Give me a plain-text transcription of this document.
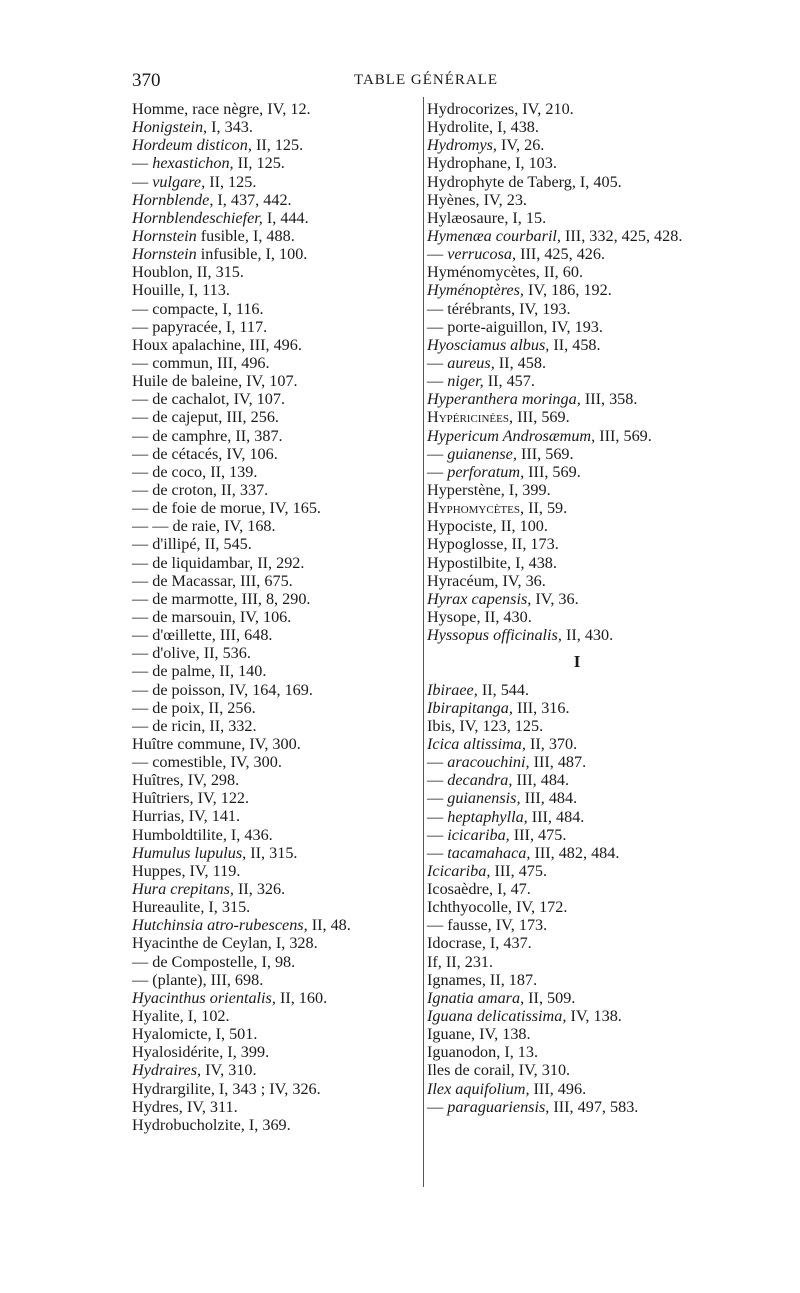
370	TABLE GÉNÉRALE
Homme, race nègre, IV, 12.
Honigstein, I, 343.
Hordeum disticon, II, 125.
— hexastichon, II, 125.
— vulgare, II, 125.
Hornblende, I, 437, 442.
Hornblendeschiefer, I, 444.
Hornstein fusible, I, 488.
Hornstein infusible, I, 100.
Houblon, II, 315.
Houille, I, 113.
— compacte, I, 116.
— papyracée, I, 117.
Houx apalachine, III, 496.
— commun, III, 496.
Huile de baleine, IV, 107.
— de cachalot, IV, 107.
— de cajeput, III, 256.
— de camphre, II, 387.
— de cétacés, IV, 106.
— de coco, II, 139.
— de croton, II, 337.
— de foie de morue, IV, 165.
— — de raie, IV, 168.
— d'illipé, II, 545.
— de liquidambar, II, 292.
— de Macassar, III, 675.
— de marmotte, III, 8, 290.
— de marsouin, IV, 106.
— d'œillette, III, 648.
— d'olive, II, 536.
— de palme, II, 140.
— de poisson, IV, 164, 169.
— de poix, II, 256.
— de ricin, II, 332.
Huître commune, IV, 300.
— comestible, IV, 300.
Huîtres, IV, 298.
Huîtriers, IV, 122.
Hurrias, IV, 141.
Humboldtilite, I, 436.
Humulus lupulus, II, 315.
Huppes, IV, 119.
Hura crepitans, II, 326.
Hureaulite, I, 315.
Hutchinsia atro-rubescens, II, 48.
Hyacinthe de Ceylan, I, 328.
— de Compostelle, I, 98.
— (plante), III, 698.
Hyacinthus orientalis, II, 160.
Hyalite, I, 102.
Hyalomicte, I, 501.
Hyalosidérite, I, 399.
Hydraires, IV, 310.
Hydrargilite, I, 343 ; IV, 326.
Hydres, IV, 311.
Hydrobucholzite, I, 369.
Hydrocorizes, IV, 210.
Hydrolite, I, 438.
Hydromys, IV, 26.
Hydrophane, I, 103.
Hydrophyte de Taberg, I, 405.
Hyènes, IV, 23.
Hylæosaure, I, 15.
Hymenæa courbaril, III, 332, 425, 428.
— verrucosa, III, 425, 426.
Hyménomycètes, II, 60.
Hyménoptères, IV, 186, 192.
— térébrants, IV, 193.
— porte-aiguillon, IV, 193.
Hyosciamus albus, II, 458.
— aureus, II, 458.
— niger, II, 457.
Hyperanthera moringa, III, 358.
Hypéricinées, III, 569.
Hypericum Androsæmum, III, 569.
— guianense, III, 569.
— perforatum, III, 569.
Hyperstène, I, 399.
Hyphomycètes, II, 59.
Hypociste, II, 100.
Hypoglosse, II, 173.
Hypostilbite, I, 438.
Hyracéum, IV, 36.
Hyrax capensis, IV, 36.
Hysope, II, 430.
Hyssopus officinalis, II, 430.
I
Ibiraee, II, 544.
Ibirapitanga, III, 316.
Ibis, IV, 123, 125.
Icica altissima, II, 370.
— aracouchini, III, 487.
— decandra, III, 484.
— guianensis, III, 484.
— heptaphylla, III, 484.
— icicariba, III, 475.
— tacamahaca, III, 482, 484.
Icicariba, III, 475.
Icosaèdre, I, 47.
Ichthyocolle, IV, 172.
— fausse, IV, 173.
Idocrase, I, 437.
If, II, 231.
Ignames, II, 187.
Ignatia amara, II, 509.
Iguana delicatissima, IV, 138.
Iguane, IV, 138.
Iguanodon, I, 13.
Iles de corail, IV, 310.
Ilex aquifolium, III, 496.
— paraguariensis, III, 497, 583.
